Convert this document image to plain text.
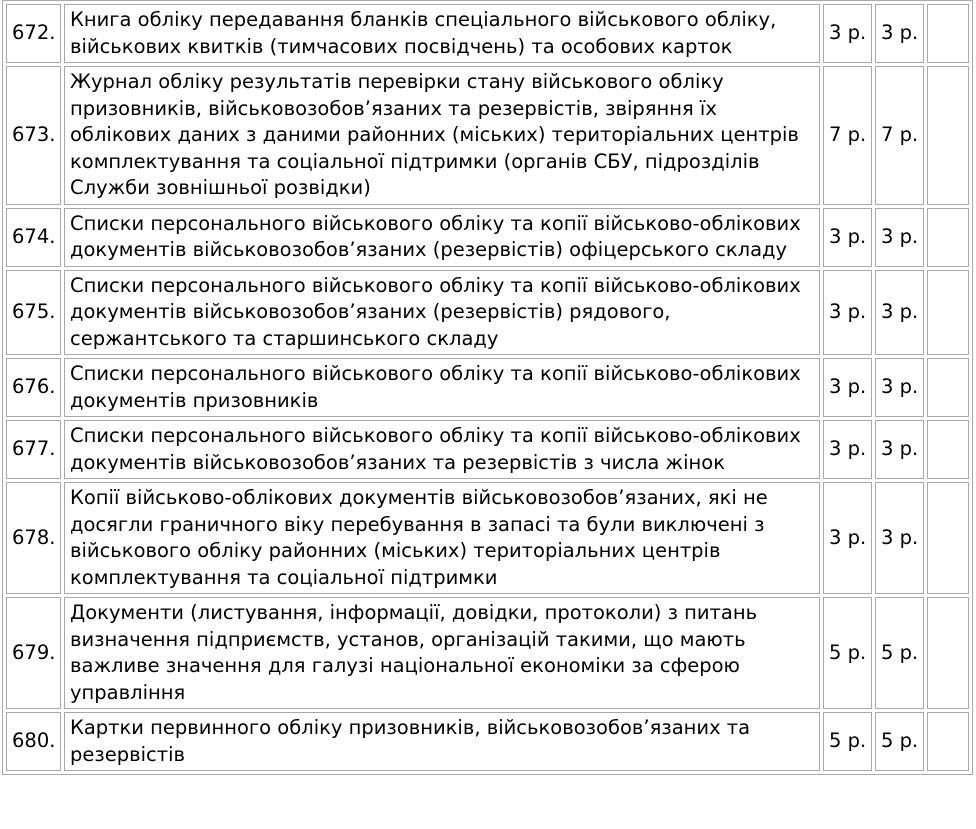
672.	Книга обліку передавання бланків спеціального військового обліку, військових квитків (тимчасових посвідчень) та особових карток	3 р.	3 р.	
673.	Журнал обліку результатів перевірки стану військового обліку призовників, військовозобов’язаних та резервістів, звіряння їх облікових даних з даними районних (міських) територіальних центрів комплектування та соціальної підтримки (органів СБУ, підрозділів Служби зовнішньої розвідки)	7 р.	7 р.	
674.	Списки персонального військового обліку та копії військово-облікових документів військовозобов’язаних (резервістів) офіцерського складу	3 р.	3 р.	
675.	Списки персонального військового обліку та копії військово-облікових документів військовозобов’язаних (резервістів) рядового, сержантського та старшинського складу	3 р.	3 р.	
676.	Списки персонального військового обліку та копії військово-облікових документів призовників	3 р.	3 р.	
677.	Списки персонального військового обліку та копії військово-облікових документів військовозобов’язаних та резервістів з числа жінок	3 р.	3 р.	
678.	Копії військово-облікових документів військовозобов’язаних, які не досягли граничного віку перебування в запасі та були виключені з військового обліку районних (міських) територіальних центрів комплектування та соціальної підтримки	3 р.	3 р.	
679.	Документи (листування, інформації, довідки, протоколи) з питань визначення підприємств, установ, організацій такими, що мають важливе значення для галузі національної економіки за сферою управління	5 р.	5 р.	
680.	Картки первинного обліку призовників, військовозобов’язаних та резервістів	5 р.	5 р.	
